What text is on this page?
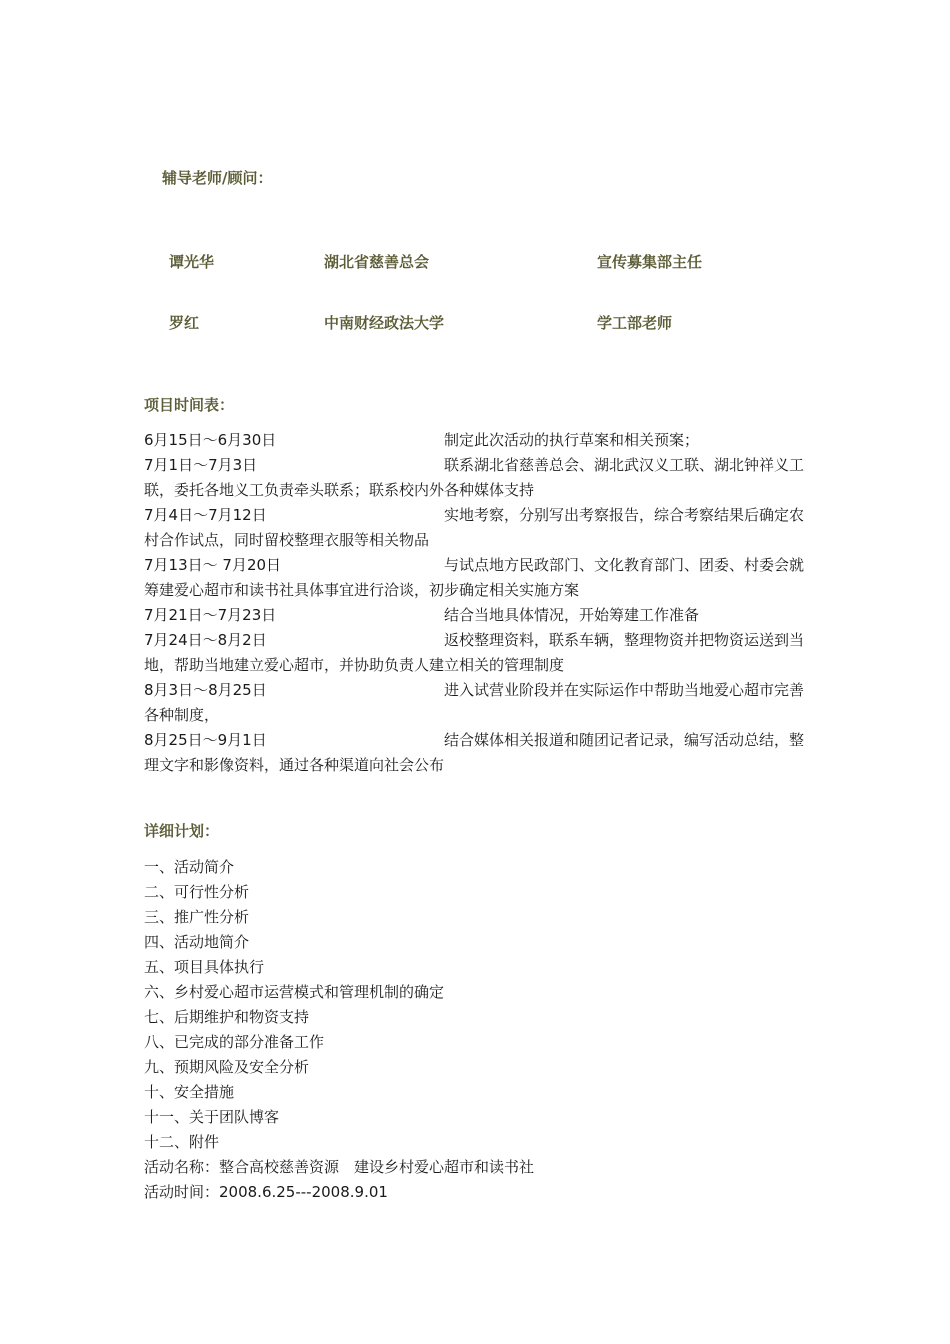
辅导老师/顾问：
谭光华	湖北省慈善总会	宣传募集部主任
罗红	中南财经政法大学	学工部老师
项目时间表：
6月15日～6月30日	制定此次活动的执行草案和相关预案；

7月1日～7月3日	联系湖北省慈善总会、湖北武汉义工联、湖北钟祥义工联，委托各地义工负责牵头联系；联系校内外各种媒体支持

7月4日～7月12日	实地考察，分别写出考察报告，综合考察结果后确定农村合作试点，同时留校整理衣服等相关物品

7月13日～ 7月20日	与试点地方民政部门、文化教育部门、团委、村委会就筹建爱心超市和读书社具体事宜进行洽谈，初步确定相关实施方案

7月21日～7月23日	结合当地具体情况，开始筹建工作准备

7月24日～8月2日	返校整理资料，联系车辆，整理物资并把物资运送到当地，帮助当地建立爱心超市，并协助负责人建立相关的管理制度

8月3日～8月25日	进入试营业阶段并在实际运作中帮助当地爱心超市完善各种制度，

8月25日～9月1日	结合媒体相关报道和随团记者记录，编写活动总结，整理文字和影像资料，通过各种渠道向社会公布

详细计划：
一、活动简介
二、可行性分析
三、推广性分析
四、活动地简介
五、项目具体执行
六、乡村爱心超市运营模式和管理机制的确定
七、后期维护和物资支持
八、已完成的部分准备工作
九、预期风险及安全分析
十、安全措施
十一、关于团队博客
十二、附件
活动名称：整合高校慈善资源　建设乡村爱心超市和读书社
活动时间：2008.6.25---2008.9.01
